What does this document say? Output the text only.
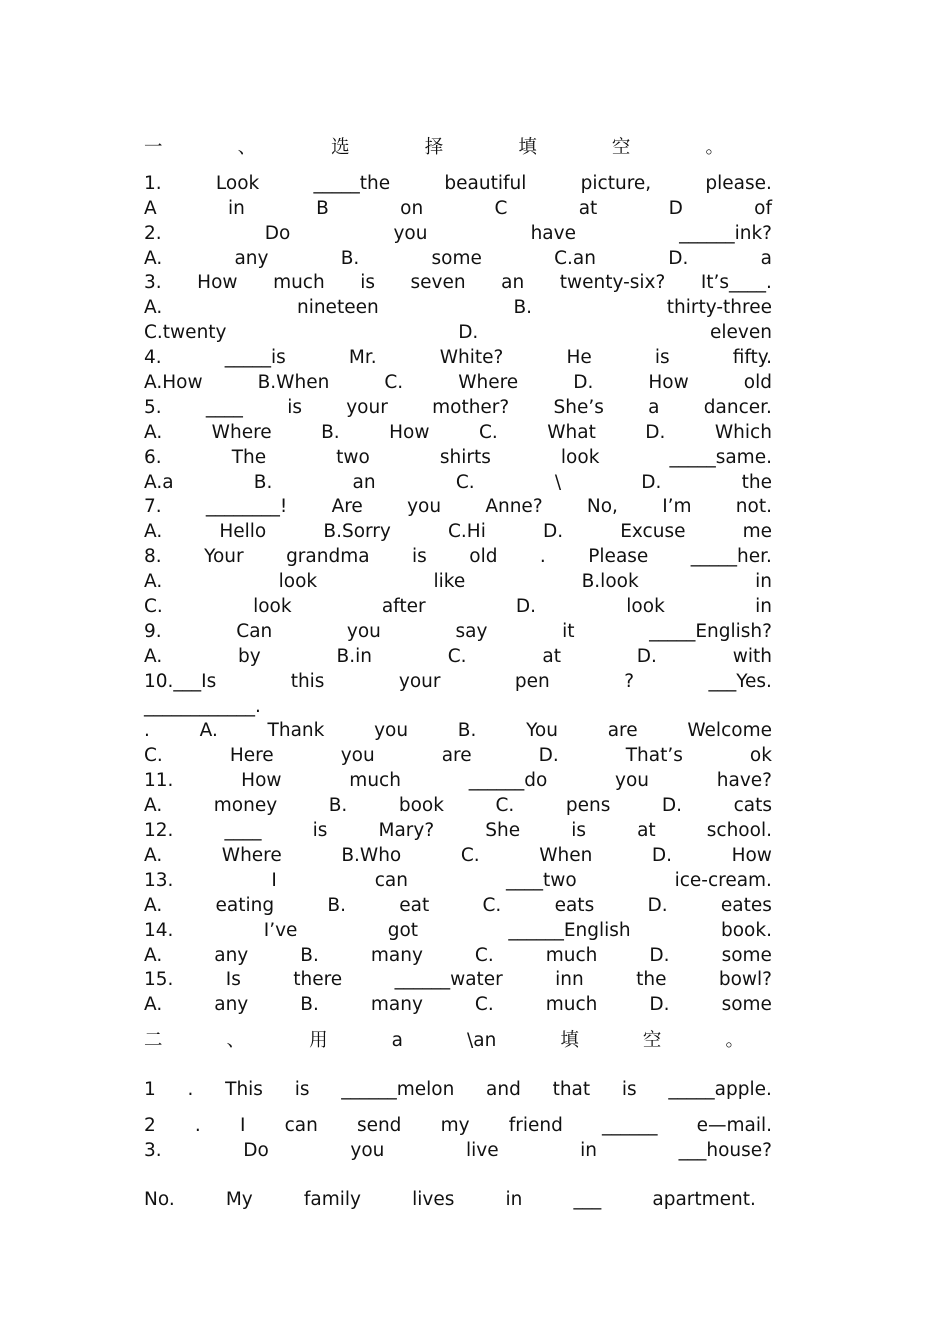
一	、	选	择	填	空	。
1.	Look	_____the	beautiful	picture,	please.
A	in	B	on	C	at	D	of
2.	Do	you	have	______ink?
A.	any	B.	some	C.an	D.	a
3. How much is seven an twenty-six? It’s____.
A.	nineteen	B.	thirty-three
C.twenty	D.	eleven
4.	_____is	Mr.	White?	He	is	fifty.
A.How	B.When	C.	Where	D.	How	old
5. ____ is your mother? She’s a dancer.
A.	Where	B.	How	C.	What	D.	Which
6.	The	two	shirts	look	_____same.
A.a	B.	an	C.	\	D.	the
7. ________! Are you Anne? No, I’m not.
A.	Hello	B.Sorry	C.Hi	D.	Excuse	me
8. Your grandma is old . Please _____her.
A.	look	like	B.look	in
C.	look	after	D.	look	in
9.	Can	you	say	it	_____English?
A.	by	B.in	C.	at	D.	with
10.___Is	this	your	pen	?	___Yes.
____________.
.	A.	Thank	you	B.	You	are	Welcome
C.	Here	you	are	D.	That’s	ok
11.	How	much	______do	you	have?
A.	money	B.	book	C.	pens	D.	cats
12.	____	is	Mary?	She	is	at	school.
A.	Where	B.Who	C.	When	D.	How
13.	I	can	____two	ice-cream.
A.	eating	B.	eat	C.	eats	D.	eates
14.	I’ve	got	______English	book.
A.	any	B.	many	C.	much	D.	some
15.	Is	there	______water	inn	the	bowl?
A.	any	B.	many	C.	much	D.	some
二	、	用	a	\an	填	空	。
1 . This is ______melon and that is _____apple.
2 . I can send my friend ______ e—mail.
3.	Do	you	live	in	___house?
No.	My	family	lives	in	___	apartment.
